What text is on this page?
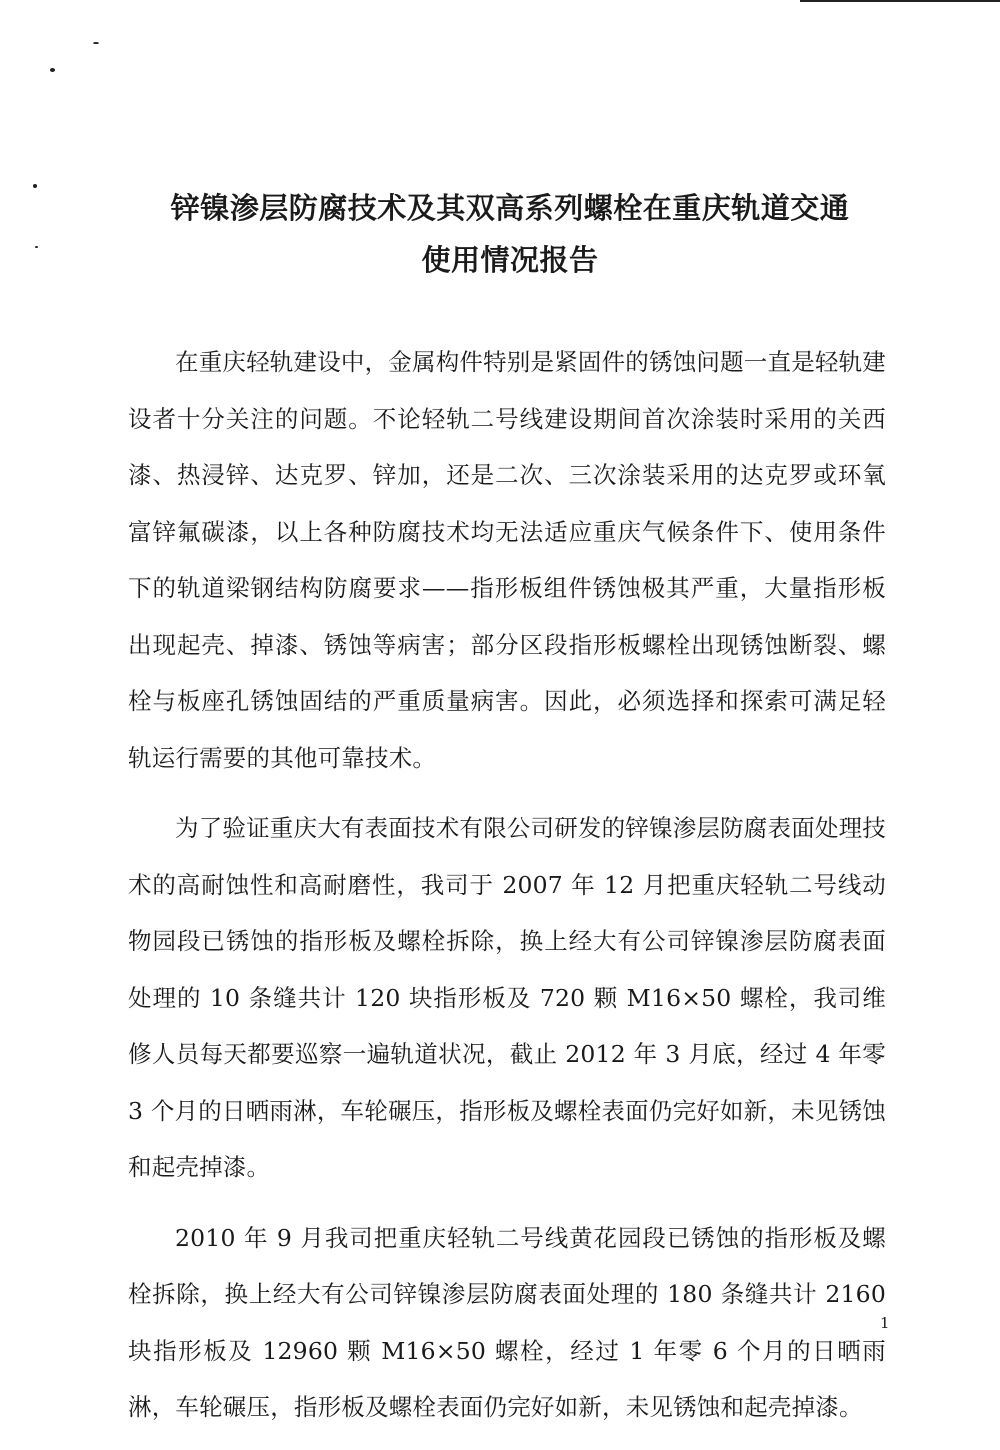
锌镍渗层防腐技术及其双高系列螺栓在重庆轨道交通
使用情况报告

在重庆轻轨建设中，金属构件特别是紧固件的锈蚀问题一直是轻轨建设者十分关注的问题。不论轻轨二号线建设期间首次涂装时采用的关西漆、热浸锌、达克罗、锌加，还是二次、三次涂装采用的达克罗或环氧富锌氟碳漆，以上各种防腐技术均无法适应重庆气候条件下、使用条件下的轨道梁钢结构防腐要求——指形板组件锈蚀极其严重，大量指形板出现起壳、掉漆、锈蚀等病害；部分区段指形板螺栓出现锈蚀断裂、螺栓与板座孔锈蚀固结的严重质量病害。因此，必须选择和探索可满足轻轨运行需要的其他可靠技术。

为了验证重庆大有表面技术有限公司研发的锌镍渗层防腐表面处理技术的高耐蚀性和高耐磨性，我司于 2007 年 12 月把重庆轻轨二号线动物园段已锈蚀的指形板及螺栓拆除，换上经大有公司锌镍渗层防腐表面处理的 10 条缝共计 120 块指形板及 720 颗 M16×50 螺栓，我司维修人员每天都要巡察一遍轨道状况，截止 2012 年 3 月底，经过 4 年零 3 个月的日晒雨淋，车轮碾压，指形板及螺栓表面仍完好如新，未见锈蚀和起壳掉漆。

2010 年 9 月我司把重庆轻轨二号线黄花园段已锈蚀的指形板及螺栓拆除，换上经大有公司锌镍渗层防腐表面处理的 180 条缝共计 2160 块指形板及 12960 颗 M16×50 螺栓，经过 1 年零 6 个月的日晒雨淋，车轮碾压，指形板及螺栓表面仍完好如新，未见锈蚀和起壳掉漆。

1
